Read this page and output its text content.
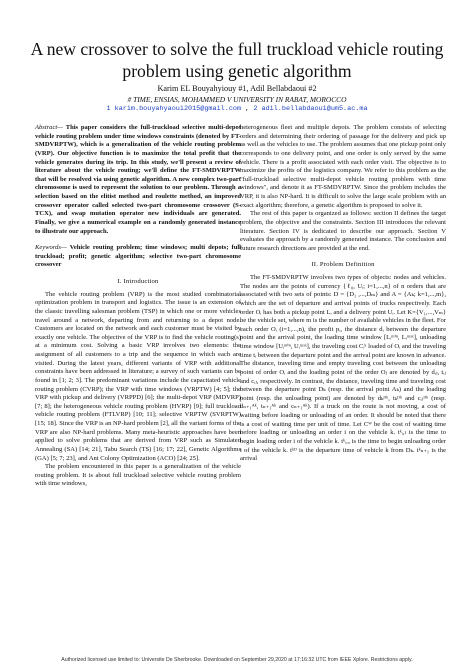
A new crossover to solve the full truckload vehicle routing problem using genetic algorithm
Karim EL Bouyahyiouy #1, Adil Bellabdaoui #2
# TIME, ENSIAS, MOHAMMED V UNIVERSITY IN RABAT, MOROCCO
1 karim.bouyahyaoui2015@gmail.com , 2 adil.bellabdaoui@um5.ac.ma

Abstract— This paper considers the full-truckload selective multi-depot vehicle routing problem under time windows constraints (denoted by FT-SMDVRPTW), which is a generalization of the vehicle routing problem (VRP). Our objective function is to maximize the total profit that the vehicle generates during its trip. In this study, we'll present a review of literature about the vehicle routing; we'll define the FT-SMDVRPTW that will be resolved via using genetic algorithm. A new complex two-part chromosome is used to represent the solution to our problem. Through a selection based on the elitist method and roulette method, an improved crossover operator called selected two-part chromosome crossover (S-TCX), and swap mutation operator new individuals are generated. Finally, we give a numerical example on a randomly generated instance to illustrate our approach.

Keywords— Vehicle routing problem; time windows; multi depots; full truckload; profit; genetic algorithm; selective two-part chromosome crossover

I. Introduction

The vehicle routing problem (VRP) is the most studied combinatorial optimization problem in transport and logistics. The issue is an extension of the classic travelling salesman problem (TSP) in which one or more vehicles travel around a network, departing from and returning to a depot node. Customers are located on the network and each customer must be visited by exactly one vehicle. The objective of the VRP is to find the vehicle routing(s) at a minimum cost. Solving a basic VRP involves two elements: the assignment of all customers to a trip and the sequence in which each are visited. During the latest years, different variants of VRP with additional constraints have been addressed in literature; a survey of such variants can be found in [1; 2; 3]. The predominant variations include the capacitated vehicle routing problem (CVRP); the VRP with time windows (VRPTW) [4; 5]; the VRP with pickup and delivery (VRPPD) [6]; the multi-depot VRP (MDVRP) [7; 8]; the heterogeneous vehicle routing problem (HVRP) [9]; full truckload vehicle routing problem (FTLVRP) [10; 11]; selective VRPTW (SVRPTW) [15; 18]. Since the VRP is an NP-hard problem [2], all the variant forms of the VRP are also NP-hard problems. Many meta-heuristic approaches have been applied to solve problems that are derived from VRP such as Simulated Annealing (SA) [14; 21], Tabu Search (TS) [16; 17; 22], Genetic Algorithms (GA) [5; 7; 23], and Ant Colony Optimization (ACO) [24; 25].

The problem encountered in this paper is a generalization of the vehicle routing problem. It is about full truckload selective vehicle routing problem with time windows,

heterogeneous fleet and multiple depots. The problem consists of selecting orders and determining their ordering of passage for the delivery and pick up as well as the vehicles to use. The problem assumes that one pickup point only corresponds to one delivery point, and one order is only served by the same vehicle. There is a profit associated with each order visit. The objective is to maximize the profits of the logistics company. We refer to this problem as the "full-truckload selective multi-depot vehicle routing problem with time windows", and denote it as FT-SMDVRPTW. Since the problem includes the VRP, it is also NP-hard. It is difficult to solve the large scale problem with an exact algorithm; therefore, a genetic algorithm is proposed to solve it.

The rest of this paper is organized as follows: section II defines the target problem, the objective and the constraints. Section III introduces the relevant literature. Section IV is dedicated to describe our approach. Section V evaluates the approach by a randomly generated instance. The conclusion and future research directions are provided at the end.

II. Problem Definition

The FT-SMDVRPTW involves two types of objects: nodes and vehicles. The nodes are the points of currency {ℓ₀, Uᵢ; i=1,...,n} of n orders that are associated with two sets of points: D = {D₁ ,...,Dₘ} and A = {Aₖ; k=1,...,m}, which are the set of departure and arrival points of trucks respectively. Each order Oᵢ has both a pickup point Lᵢ and a delivery point Uᵢ. Let K={V₁,...,Vₘ} be the vehicle set, where m is the number of available vehicles in the fleet. For each order Oᵢ (i=1,...,n), the profit pᵢ, the distance dᵢ between the departure point and the arrival point, the loading time window [Lᵢᵐⁱⁿ, Lᵢᵐᵃˣ], unloading time window [Uᵢᵐⁱⁿ, Uᵢᵐᵃˣ], the traveling cost Cᵢᵏ loaded of Oᵢ and the traveling time tᵢ between the departure point and the arrival point are known in advance. The distance, traveling time and empty traveling cost between the unloading point of order Oᵢ and the loading point of the order Oⱼ are denoted by dᵢⱼ, tᵢⱼ and cᵢⱼ, respectively. In contrast, the distance, traveling time and traveling cost between the departure point Dₖ (resp. the arrival point Aₖ) and the loading point (resp. the unloading point) are denoted by dₖᴰᵏ, tₖᴰᵏ and cᵢⱼᴰᵏ (resp. dₙ₊₁ᴬᵏ, tₙ₊₁ᴬᵏ and cₙ₊₁ᴬᵏ). If a truck on the route is not moving, a cost of waiting before loading or unloading of an order. It should be noted that there is a cost of waiting time per unit of time. Let Cᵂ be the cost of waiting time before loading or unloading an order i on the vehicle k. tᵏᵢ,ₗ is the time to begin loading order i of the vehicle k. tᵏᵢ,ᵤ is the time to begin unloading order i of the vehicle k. tᵏᴰ is the departure time of vehicle k from Dₖ. tᵏₙ₊₁ is the arrival

Authorized licensed use limited to: Universite De Sherbrooke. Downloaded on September 29,2020 at 17:16:32 UTC from IEEE Xplore. Restrictions apply.
